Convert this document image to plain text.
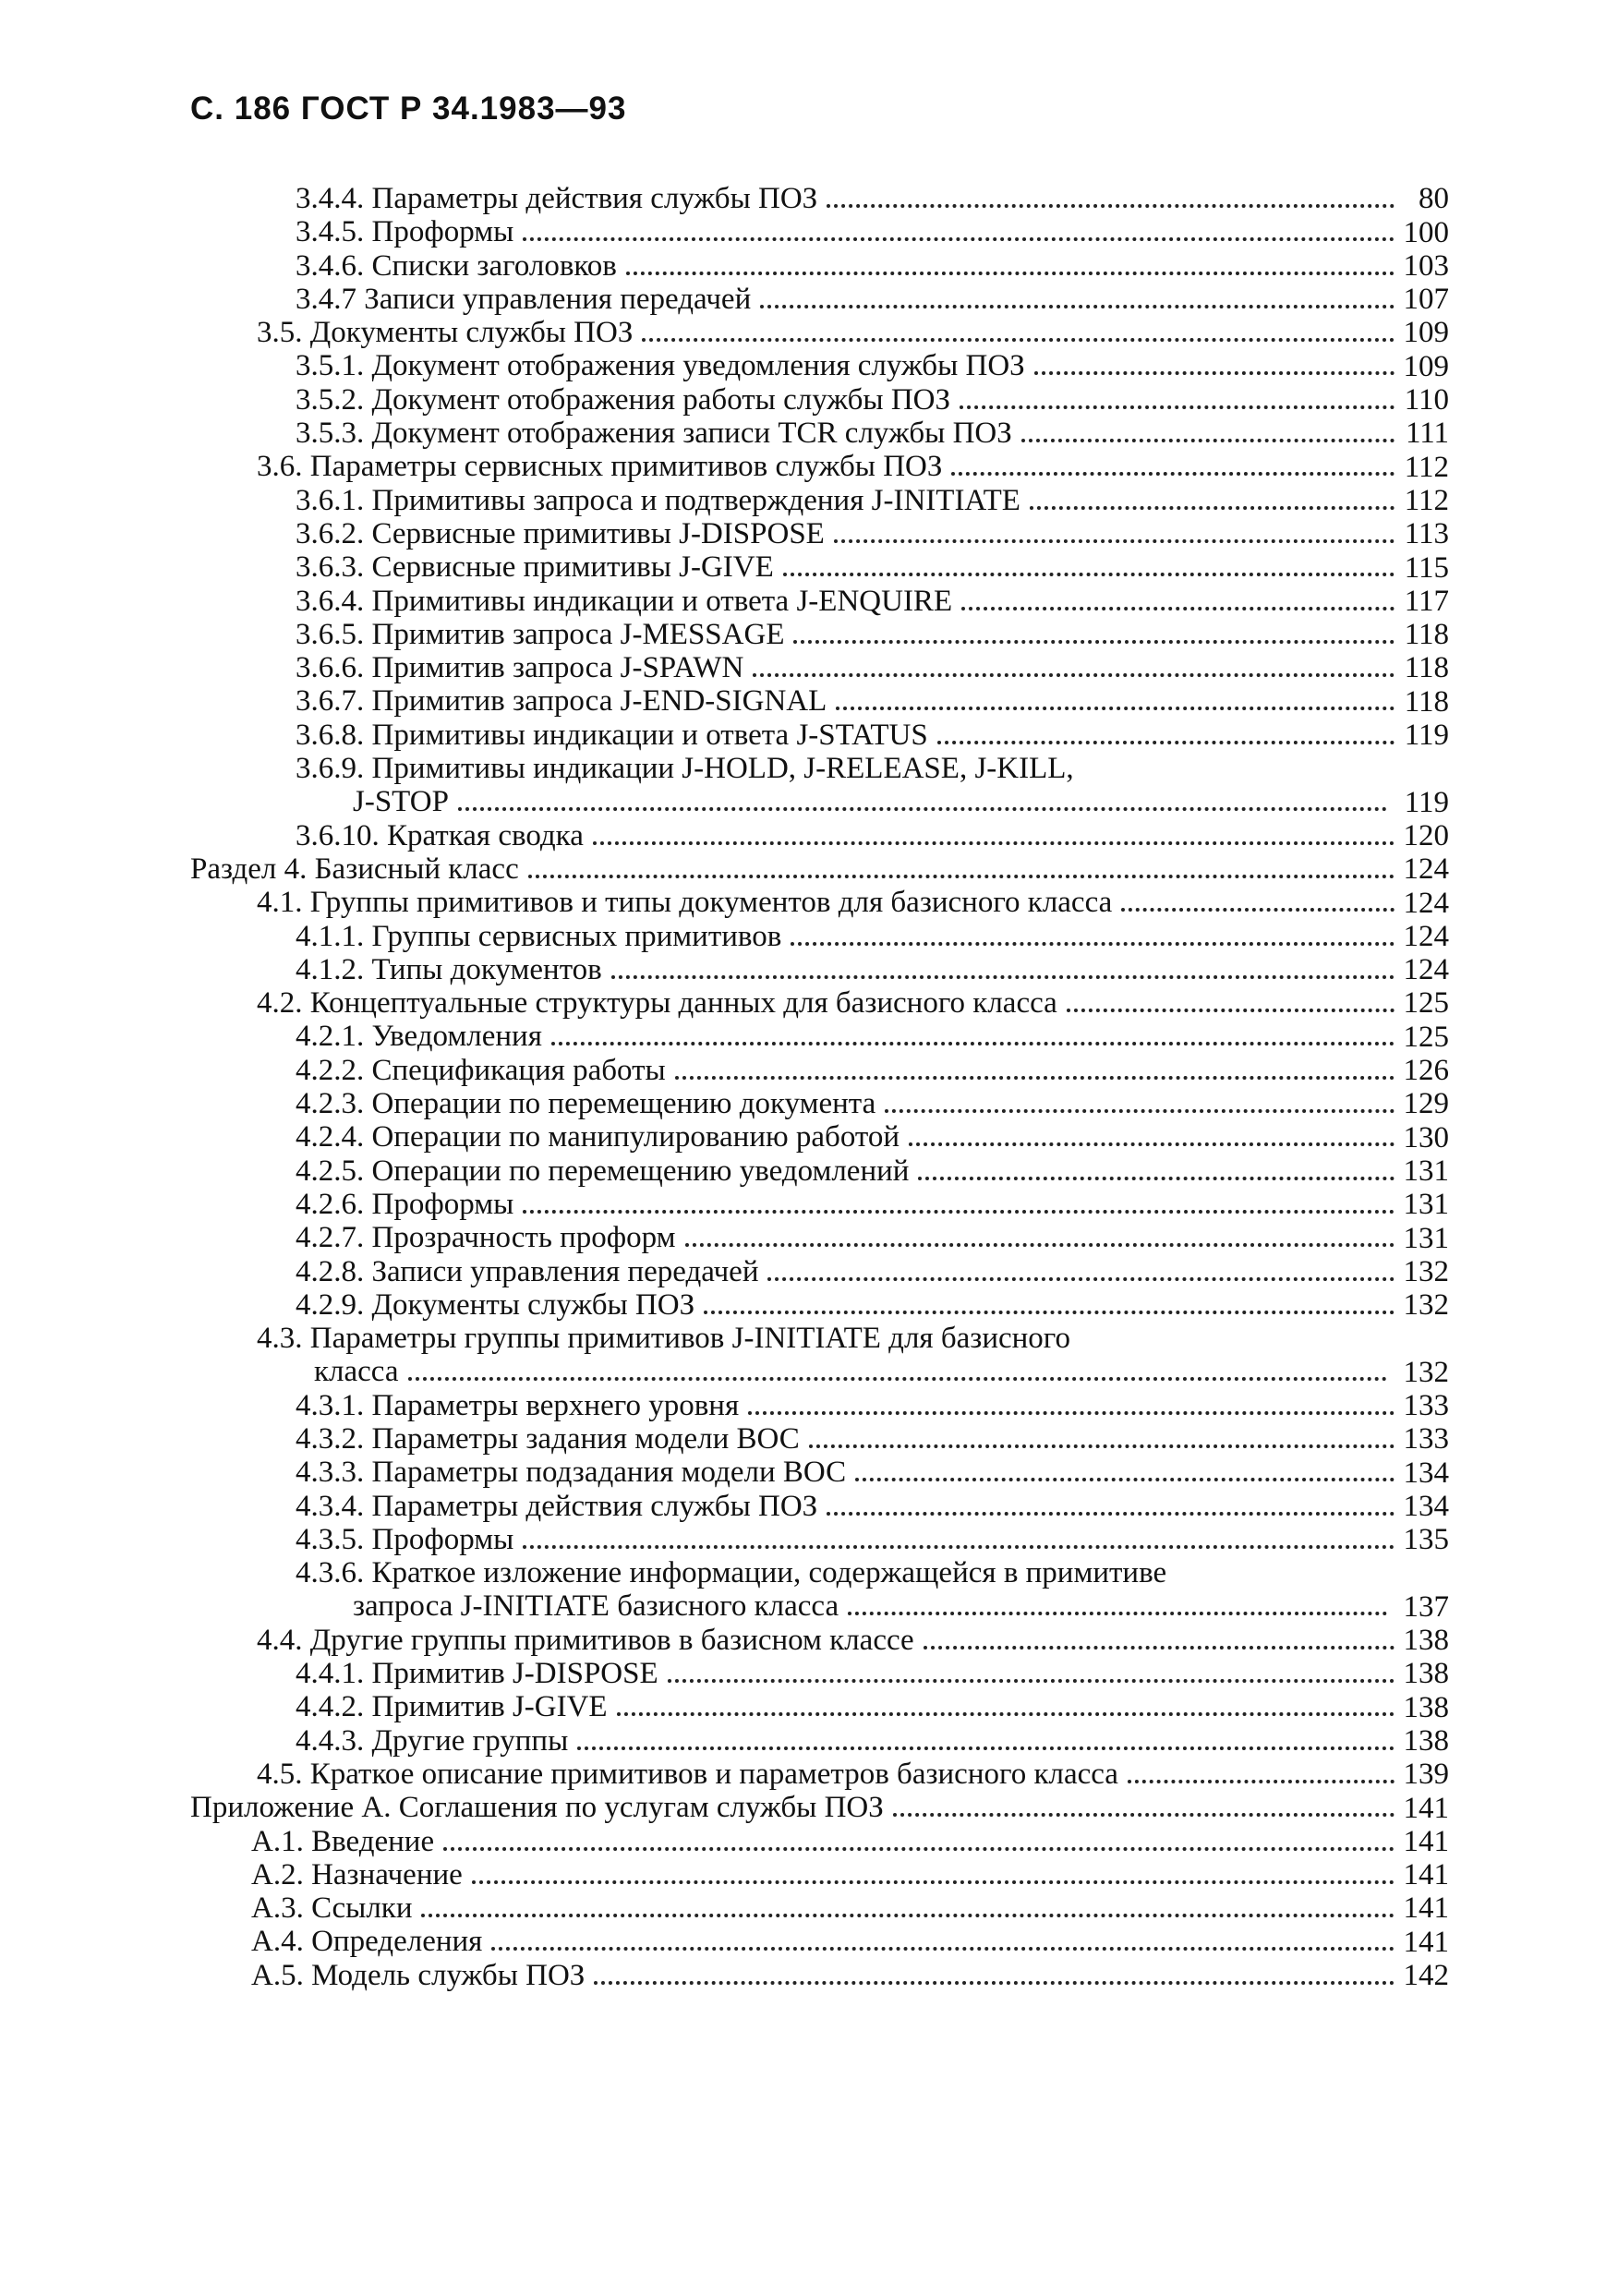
С. 186 ГОСТ Р 34.1983—93
3.4.4. Параметры действия службы ПОЗ	80
3.4.5. Проформы	100
3.4.6. Списки заголовков	103
3.4.7 Записи управления передачей	107
3.5. Документы службы ПОЗ	109
3.5.1. Документ отображения уведомления службы ПОЗ	109
3.5.2. Документ отображения работы службы ПОЗ	110
3.5.3. Документ отображения записи TCR службы ПОЗ	111
3.6. Параметры сервисных примитивов службы ПОЗ	112
3.6.1. Примитивы запроса и подтверждения J-INITIATE	112
3.6.2. Сервисные примитивы J-DISPOSE	113
3.6.3. Сервисные примитивы J-GIVE	115
3.6.4. Примитивы индикации и ответа J-ENQUIRE	117
3.6.5. Примитив запроса J-MESSAGE	118
3.6.6. Примитив запроса J-SPAWN	118
3.6.7. Примитив запроса J-END-SIGNAL	118
3.6.8. Примитивы индикации и ответа J-STATUS	119
3.6.9. Примитивы индикации J-HOLD, J-RELEASE, J-KILL,
J-STOP	119
3.6.10. Краткая сводка	120
Раздел 4. Базисный класс	124
4.1. Группы примитивов и типы документов для базисного класса	124
4.1.1. Группы сервисных примитивов	124
4.1.2. Типы документов	124
4.2. Концептуальные структуры данных для базисного класса	125
4.2.1. Уведомления	125
4.2.2. Спецификация работы	126
4.2.3. Операции по перемещению документа	129
4.2.4. Операции по манипулированию работой	130
4.2.5. Операции по перемещению уведомлений	131
4.2.6. Проформы	131
4.2.7. Прозрачность проформ	131
4.2.8. Записи управления передачей	132
4.2.9. Документы службы ПОЗ	132
4.3. Параметры группы примитивов J-INITIATE для базисного
класса	132
4.3.1. Параметры верхнего уровня	133
4.3.2. Параметры задания модели ВОС	133
4.3.3. Параметры подзадания модели ВОС	134
4.3.4. Параметры действия службы ПОЗ	134
4.3.5. Проформы	135
4.3.6. Краткое изложение информации, содержащейся в примитиве
запроса J-INITIATE базисного класса	137
4.4. Другие группы примитивов в базисном классе	138
4.4.1. Примитив J-DISPOSE	138
4.4.2. Примитив J-GIVE	138
4.4.3. Другие группы	138
4.5. Краткое описание примитивов и параметров базисного класса	139
Приложение А. Соглашения по услугам службы ПОЗ	141
А.1. Введение	141
А.2. Назначение	141
А.3. Ссылки	141
А.4. Определения	141
А.5. Модель службы ПОЗ	142
